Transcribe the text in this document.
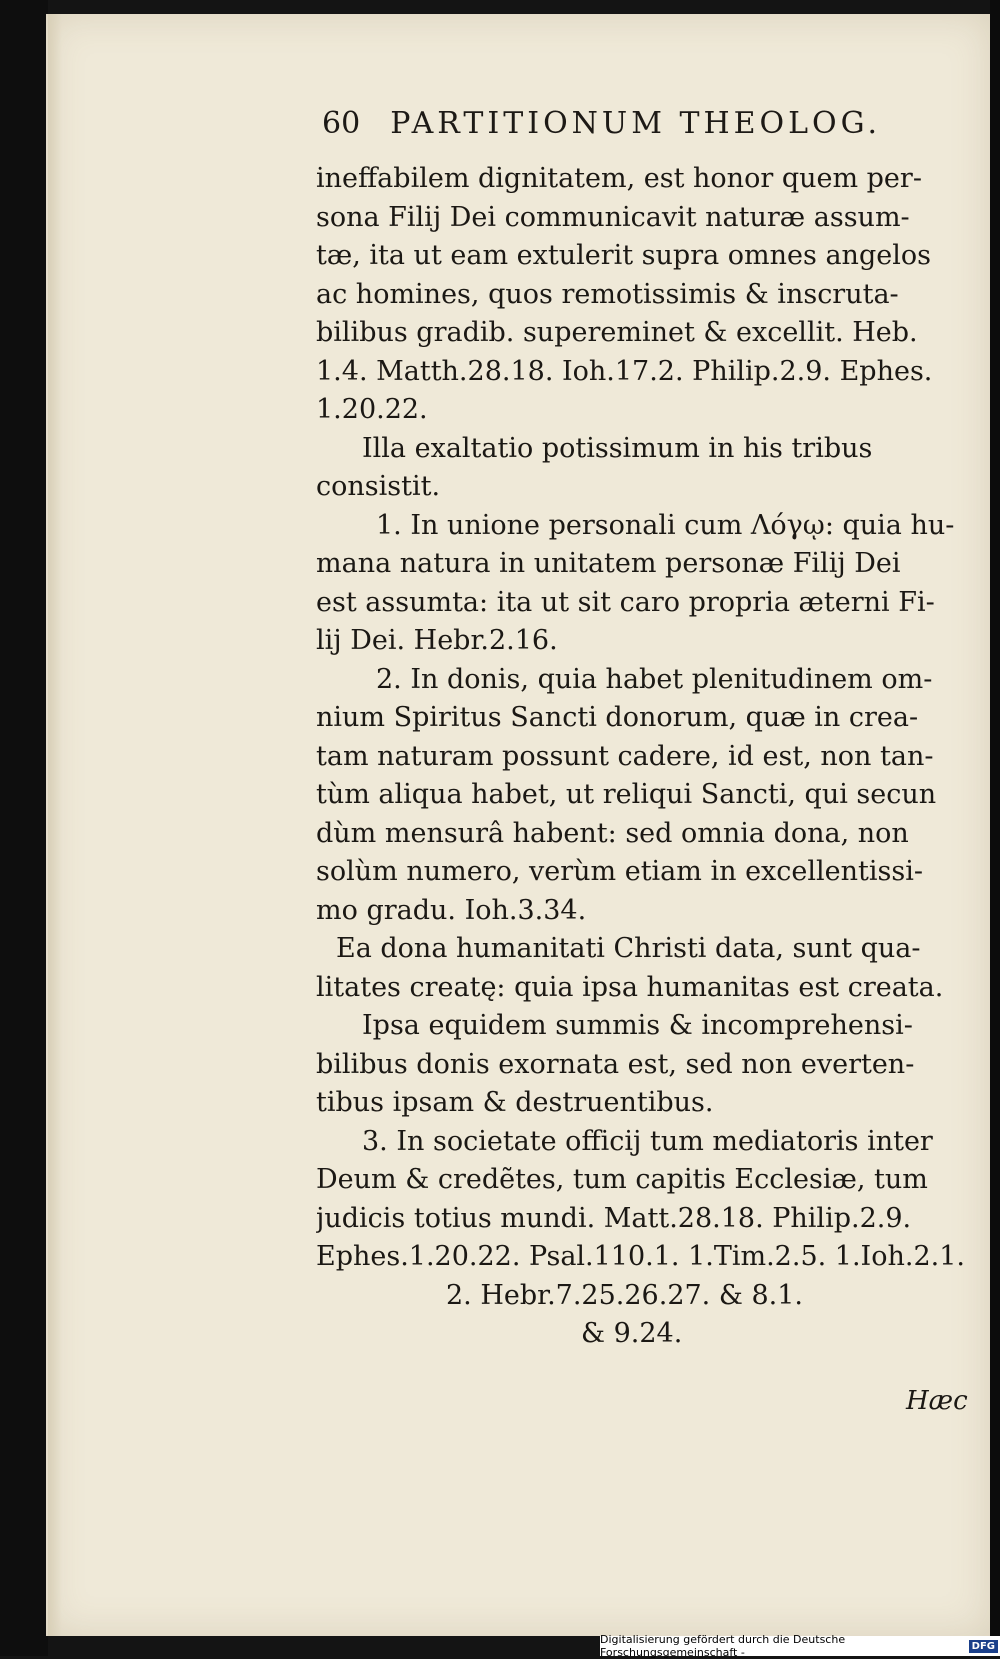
60 PARTITIONUM THEOLOG.
ineffabilem dignitatem, est honor quem per-
sona Filij Dei communicavit naturæ assum-
tæ, ita ut eam extulerit supra omnes angelos
ac homines, quos remotissimis & inscruta-
bilibus gradib. supereminet & excellit. Heb.
1.4. Matth.28.18. Ioh.17.2. Philip.2.9. Ephes.
1.20.22.
Illa exaltatio potissimum in his tribus
consistit.
1. In unione personali cum Λόγῳ: quia hu-
mana natura in unitatem personæ Filij Dei
est assumta: ita ut sit caro propria æterni Fi-
lij Dei. Hebr.2.16.
2. In donis, quia habet plenitudinem om-
nium Spiritus Sancti donorum, quæ in crea-
tam naturam possunt cadere, id est, non tan-
tùm aliqua habet, ut reliqui Sancti, qui secun
dùm mensurâ habent: sed omnia dona, non
solùm numero, verùm etiam in excellentissi-
mo gradu. Ioh.3.34.
Ea dona humanitati Christi data, sunt qua-
litates creatę: quia ipsa humanitas est creata.
Ipsa equidem summis & incomprehensi-
bilibus donis exornata est, sed non everten-
tibus ipsam & destruentibus.
3. In societate officij tum mediatoris inter
Deum & credẽtes, tum capitis Ecclesiæ, tum
judicis totius mundi. Matt.28.18. Philip.2.9.
Ephes.1.20.22. Psal.110.1. 1.Tim.2.5. 1.Ioh.2.1.
2. Hebr.7.25.26.27. & 8.1.
& 9.24.
Hæc
Digitalisierung gefördert durch die Deutsche Forschungsgemeinschaft -	DFG
